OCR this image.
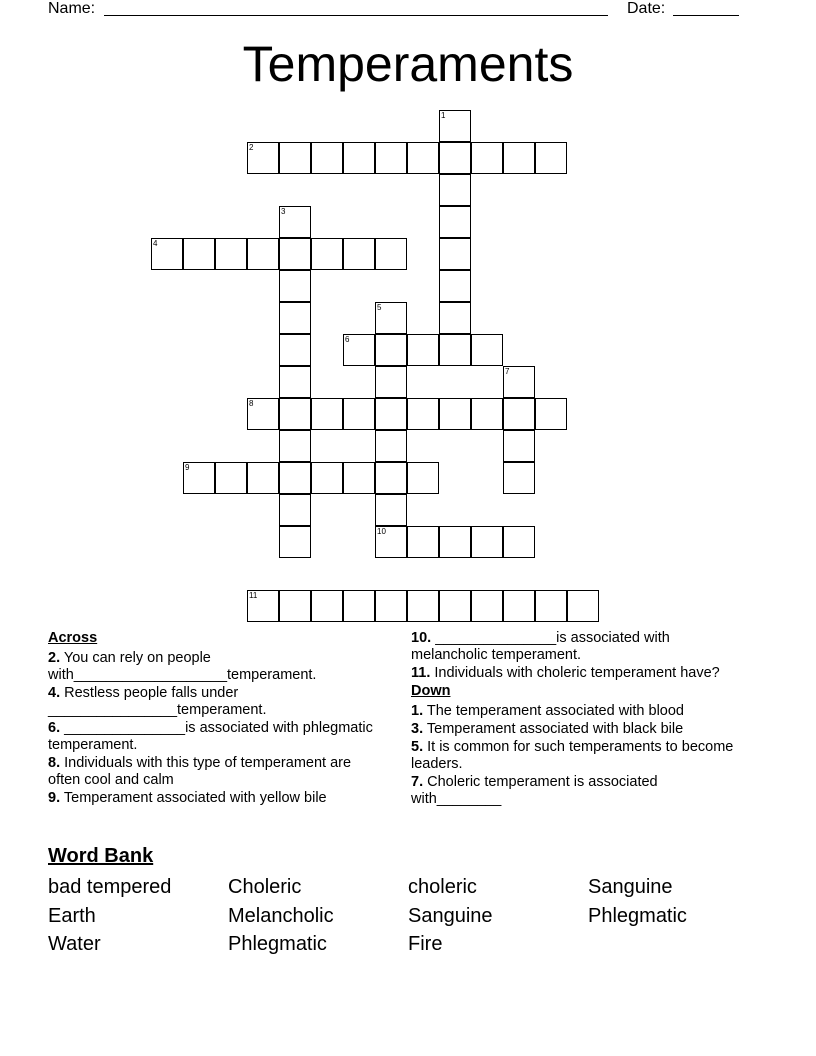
Name:	Date:
Temperaments
1
2
3
4
5
10
6
7
8
9
11
Across
2. You can rely on people with___________________temperament.
4. Restless people falls under ________________temperament.
6. _______________is associated with phlegmatic temperament.
8. Individuals with this type of temperament are often cool and calm
9. Temperament associated with yellow bile
10. _______________is associated with melancholic temperament.
11. Individuals with choleric temperament have?
Down
1. The temperament associated with blood
3. Temperament associated with black bile
5. It is common for such temperaments to become leaders.
7. Choleric temperament is associated with________
Word Bank
bad tempered	Choleric	choleric	Sanguine
Earth	Melancholic	Sanguine	Phlegmatic
Water	Phlegmatic	Fire
